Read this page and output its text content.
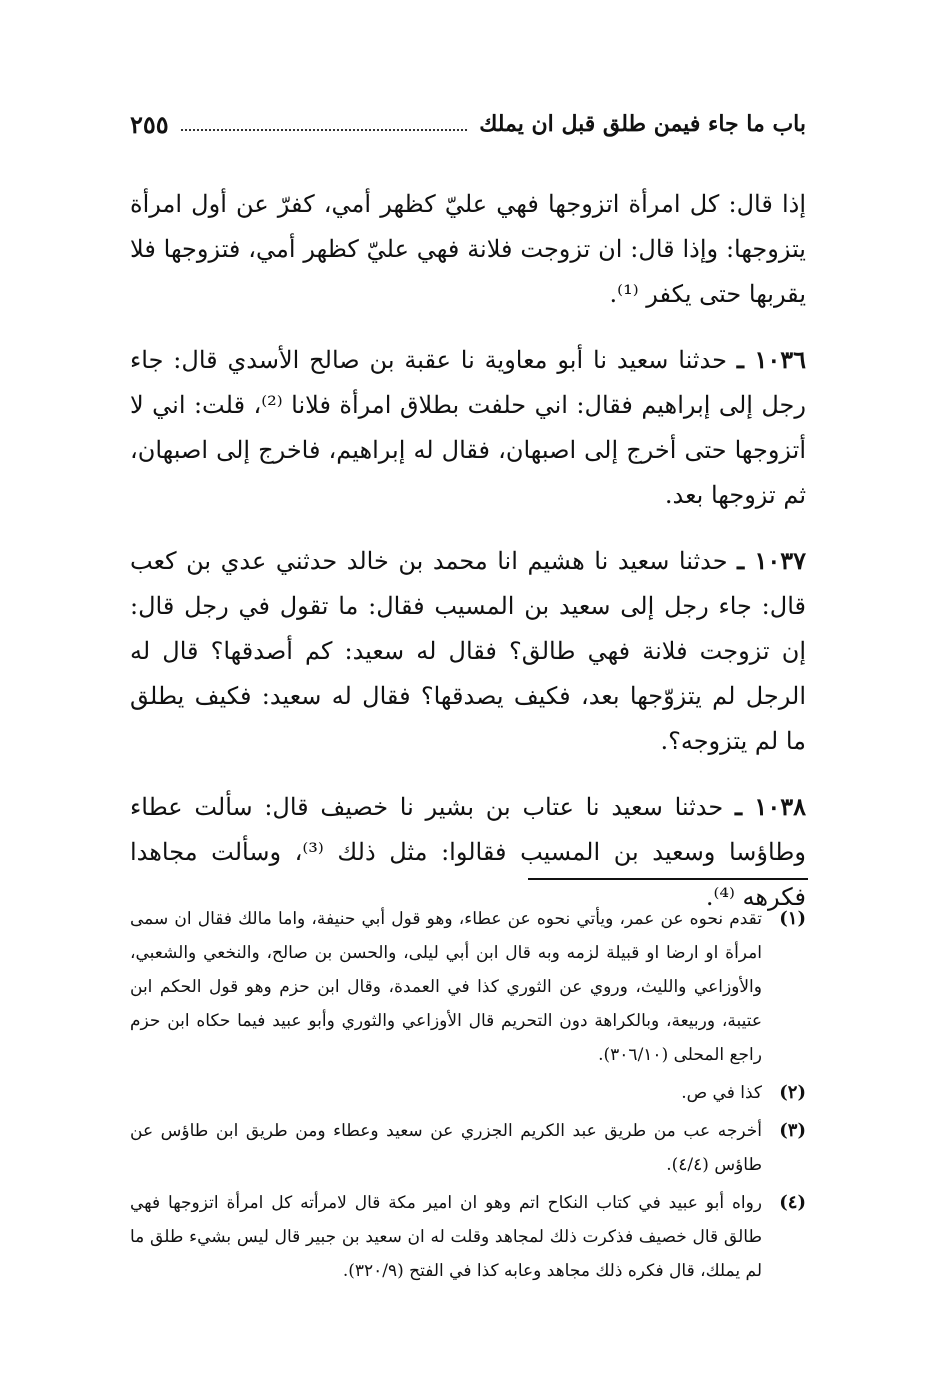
باب ما جاء فيمن طلق قبل ان يملك
٢٥٥

إذا قال: كل امرأة اتزوجها فهي عليّ كظهر أمي، كفرّ عن أول امرأة يتزوجها: وإذا قال: ان تزوجت فلانة فهي عليّ كظهر أمي، فتزوجها فلا يقربها حتى يكفر ⁽¹⁾.

١٠٣٦ ـ حدثنا سعيد نا أبو معاوية نا عقبة بن صالح الأسدي قال: جاء رجل إلى إبراهيم فقال: اني حلفت بطلاق امرأة فلانا ⁽²⁾، قلت: اني لا أتزوجها حتى أخرج إلى اصبهان، فقال له إبراهيم، فاخرج إلى اصبهان، ثم تزوجها بعد.

١٠٣٧ ـ حدثنا سعيد نا هشيم انا محمد بن خالد حدثني عدي بن كعب قال: جاء رجل إلى سعيد بن المسيب فقال: ما تقول في رجل قال: إن تزوجت فلانة فهي طالق؟ فقال له سعيد: كم أصدقها؟ قال له الرجل لم يتزوّجها بعد، فكيف يصدقها؟ فقال له سعيد: فكيف يطلق ما لم يتزوجه؟.

١٠٣٨ ـ حدثنا سعيد نا عتاب بن بشير نا خصيف قال: سألت عطاء وطاؤسا وسعيد بن المسيب فقالوا: مثل ذلك ⁽³⁾، وسألت مجاهدا فكرهه ⁽⁴⁾.

(١)
تقدم نحوه عن عمر، ويأتي نحوه عن عطاء، وهو قول أبي حنيفة، واما مالك فقال ان سمى امرأة او ارضا او قبيلة لزمه وبه قال ابن أبي ليلى، والحسن بن صالح، والنخعي والشعبي، والأوزاعي والليث، وروي عن الثوري كذا في العمدة، وقال ابن حزم وهو قول الحكم ابن عتيبة، وربيعة، وبالكراهة دون التحريم قال الأوزاعي والثوري وأبو عبيد فيما حكاه ابن حزم راجع المحلى (٣٠٦/١٠).
(٢)
كذا في ص.
(٣)
أخرجه عب من طريق عبد الكريم الجزري عن سعيد وعطاء ومن طريق ابن طاؤس عن طاؤس (٤/٤).
(٤)
رواه أبو عبيد في كتاب النكاح اتم وهو ان امير مكة قال لامرأته كل امرأة اتزوجها فهي طالق قال خصيف فذكرت ذلك لمجاهد وقلت له ان سعيد بن جبير قال ليس بشيء طلق ما لم يملك، قال فكره ذلك مجاهد وعابه كذا في الفتح (٣٢٠/٩).
